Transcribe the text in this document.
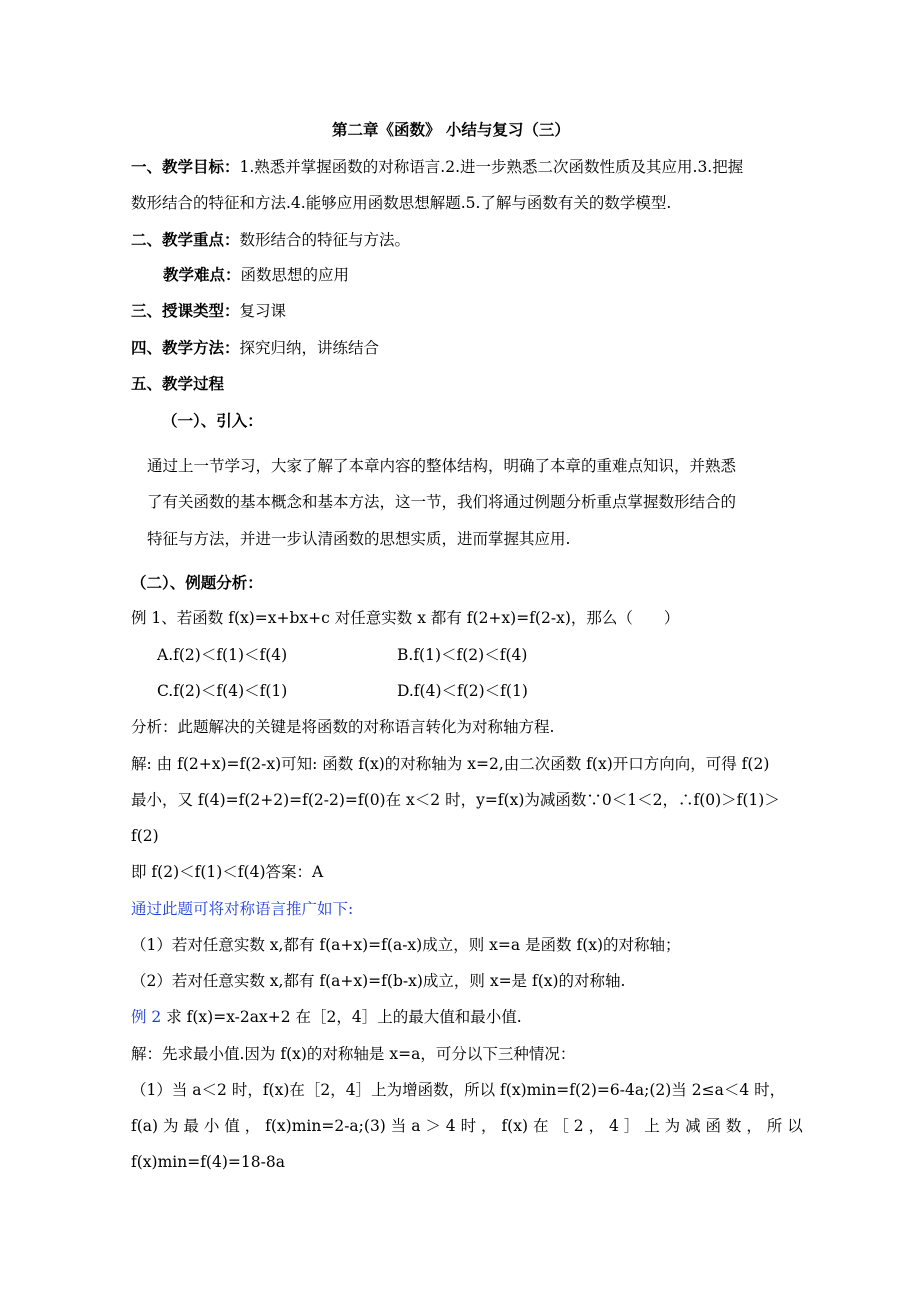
第二章《函数》 小结与复习（三）
一、教学目标：1.熟悉并掌握函数的对称语言.2.进一步熟悉二次函数性质及其应用.3.把握
数形结合的特征和方法.4.能够应用函数思想解题.5.了解与函数有关的数学模型.
二、教学重点：数形结合的特征与方法。
教学难点：函数思想的应用
三、授课类型：复习课
四、教学方法：探究归纳，讲练结合
五、教学过程
（一）、引入：
通过上一节学习，大家了解了本章内容的整体结构，明确了本章的重难点知识，并熟悉
了有关函数的基本概念和基本方法，这一节，我们将通过例题分析重点掌握数形结合的
特征与方法，并进一步认清函数的思想实质，进而掌握其应用.
（二）、例题分析：
例 1、若函数 f(x)=x+bx+c 对任意实数 x 都有 f(2+x)=f(2-x)，那么（　　）
A.f(2)＜f(1)＜f(4)	B.f(1)＜f(2)＜f(4)
C.f(2)＜f(4)＜f(1)	D.f(4)＜f(2)＜f(1)
分析：此题解决的关键是将函数的对称语言转化为对称轴方程.
解: 由 f(2+x)=f(2-x)可知: 函数 f(x)的对称轴为 x=2,由二次函数 f(x)开口方向向，可得 f(2)
最小，又 f(4)=f(2+2)=f(2-2)=f(0)在 x＜2 时，y=f(x)为减函数∵0＜1＜2，∴f(0)＞f(1)＞
f(2)
即 f(2)＜f(1)＜f(4)答案：A
通过此题可将对称语言推广如下:
（1）若对任意实数 x,都有 f(a+x)=f(a-x)成立，则 x=a 是函数 f(x)的对称轴；
（2）若对任意实数 x,都有 f(a+x)=f(b-x)成立，则 x=是 f(x)的对称轴.
例 2 求 f(x)=x-2ax+2 在［2，4］上的最大值和最小值.
解：先求最小值.因为 f(x)的对称轴是 x=a，可分以下三种情况：
（1）当 a＜2 时，f(x)在［2，4］上为增函数，所以 f(x)min=f(2)=6-4a;(2)当 2≤a＜4 时，
f(a) 为 最 小 值 ， f(x)min=2-a;(3) 当 a ＞ 4 时 ， f(x) 在 ［ 2 ， 4 ］ 上 为 减 函 数 ， 所 以
f(x)min=f(4)=18-8a
